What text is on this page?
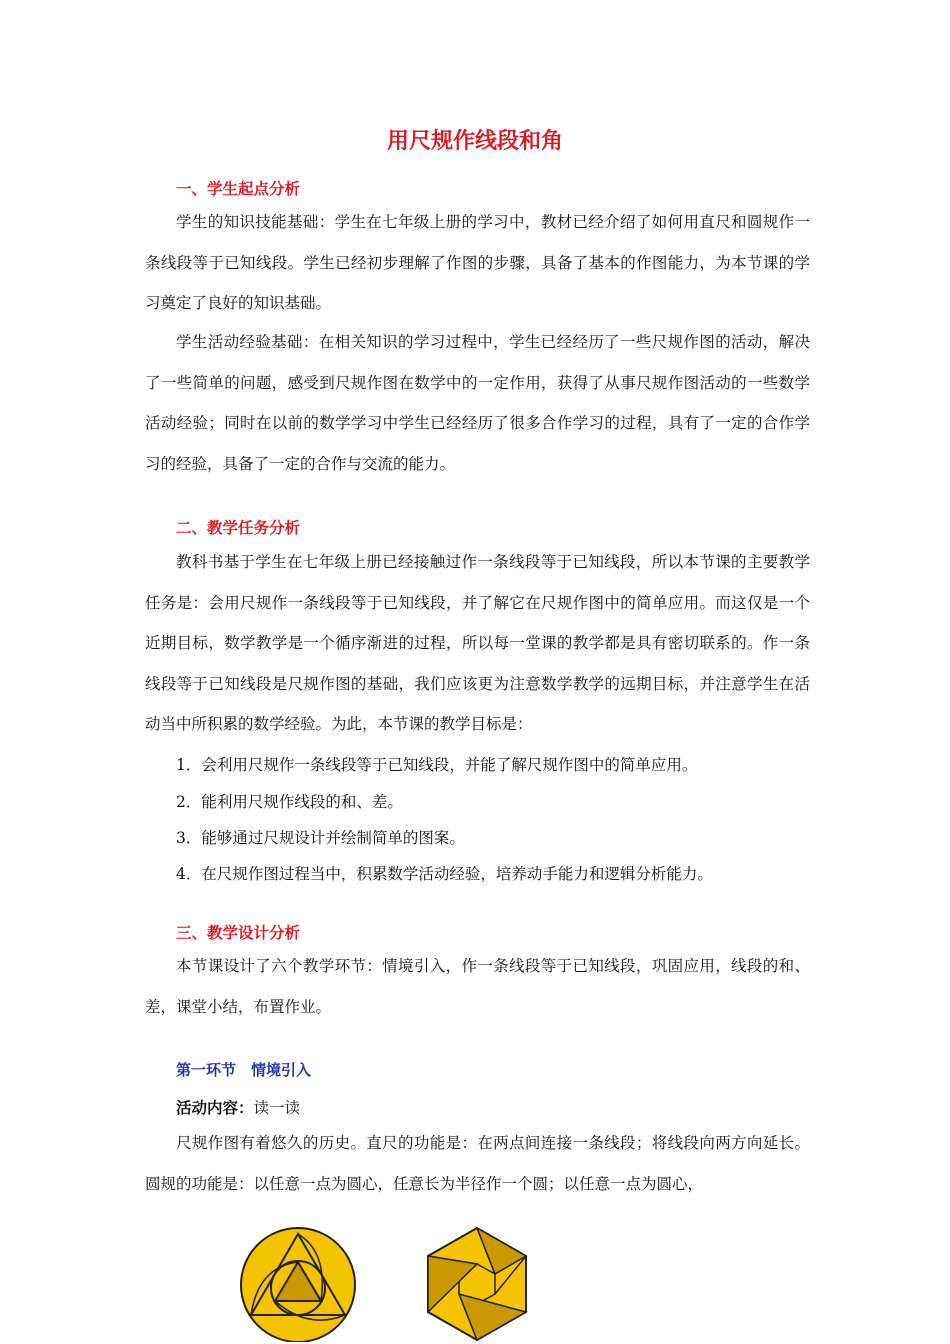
用尺规作线段和角
一、学生起点分析
学生的知识技能基础：学生在七年级上册的学习中，教材已经介绍了如何用直尺和圆规作一条线段等于已知线段。学生已经初步理解了作图的步骤，具备了基本的作图能力，为本节课的学习奠定了良好的知识基础。
学生活动经验基础：在相关知识的学习过程中，学生已经经历了一些尺规作图的活动，解决了一些简单的问题，感受到尺规作图在数学中的一定作用，获得了从事尺规作图活动的一些数学活动经验；同时在以前的数学学习中学生已经经历了很多合作学习的过程，具有了一定的合作学习的经验，具备了一定的合作与交流的能力。
二、教学任务分析
教科书基于学生在七年级上册已经接触过作一条线段等于已知线段，所以本节课的主要教学任务是：会用尺规作一条线段等于已知线段，并了解它在尺规作图中的简单应用。而这仅是一个近期目标，数学教学是一个循序渐进的过程，所以每一堂课的教学都是具有密切联系的。作一条线段等于已知线段是尺规作图的基础，我们应该更为注意数学教学的远期目标，并注意学生在活动当中所积累的数学经验。为此，本节课的教学目标是：
1．会利用尺规作一条线段等于已知线段，并能了解尺规作图中的简单应用。
2．能利用尺规作线段的和、差。
3．能够通过尺规设计并绘制简单的图案。
4．在尺规作图过程当中，积累数学活动经验，培养动手能力和逻辑分析能力。
三、教学设计分析
本节课设计了六个教学环节：情境引入，作一条线段等于已知线段，巩固应用，线段的和、差，课堂小结，布置作业。
第一环节　情境引入
活动内容：读一读
尺规作图有着悠久的历史。直尺的功能是：在两点间连接一条线段；将线段向两方向延长。圆规的功能是：以任意一点为圆心，任意长为半径作一个圆；以任意一点为圆心，
